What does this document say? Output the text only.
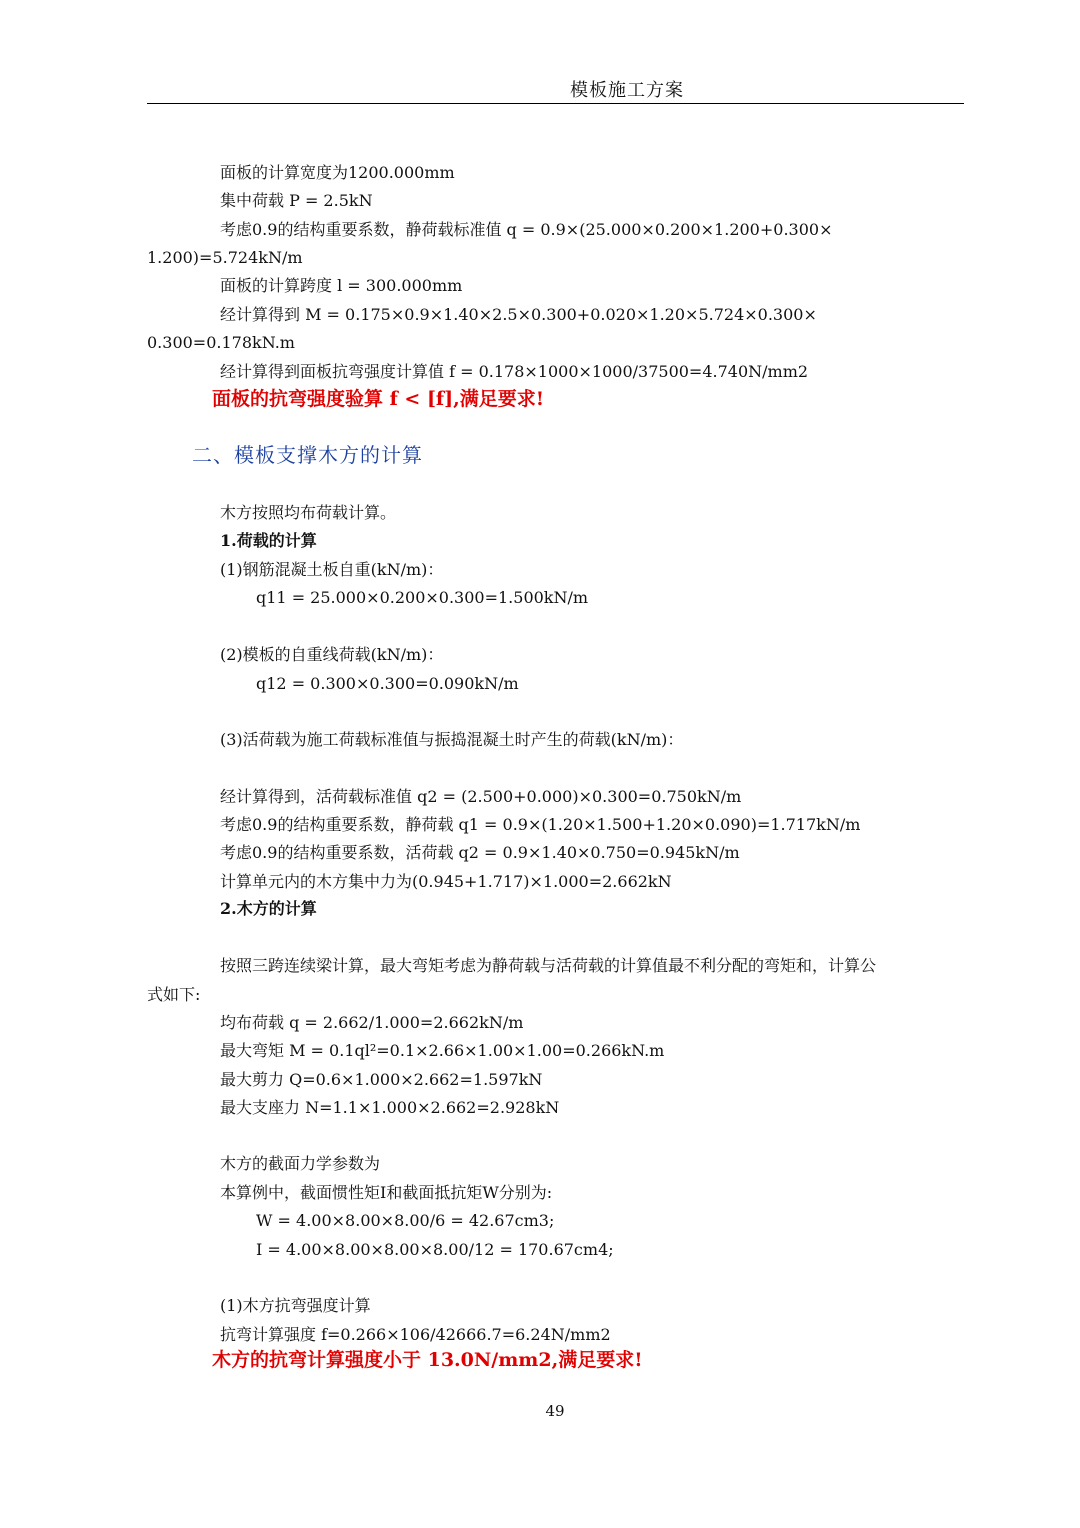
模板施工方案
面板的计算宽度为1200.000mm
集中荷载 P = 2.5kN
考虑0.9的结构重要系数，静荷载标准值 q = 0.9×(25.000×0.200×1.200+0.300×
1.200)=5.724kN/m
面板的计算跨度 l = 300.000mm
经计算得到 M = 0.175×0.9×1.40×2.5×0.300+0.020×1.20×5.724×0.300×
0.300=0.178kN.m
经计算得到面板抗弯强度计算值 f = 0.178×1000×1000/37500=4.740N/mm2
面板的抗弯强度验算 f < [f],满足要求!
二、模板支撑木方的计算
木方按照均布荷载计算。
1.荷载的计算
(1)钢筋混凝土板自重(kN/m)：
q11 = 25.000×0.200×0.300=1.500kN/m
(2)模板的自重线荷载(kN/m)：
q12 = 0.300×0.300=0.090kN/m
(3)活荷载为施工荷载标准值与振捣混凝土时产生的荷载(kN/m)：
经计算得到，活荷载标准值 q2 = (2.500+0.000)×0.300=0.750kN/m
考虑0.9的结构重要系数，静荷载 q1 = 0.9×(1.20×1.500+1.20×0.090)=1.717kN/m
考虑0.9的结构重要系数，活荷载 q2 = 0.9×1.40×0.750=0.945kN/m
计算单元内的木方集中力为(0.945+1.717)×1.000=2.662kN
2.木方的计算
按照三跨连续梁计算，最大弯矩考虑为静荷载与活荷载的计算值最不利分配的弯矩和，计算公
式如下:
均布荷载 q = 2.662/1.000=2.662kN/m
最大弯矩 M = 0.1ql²=0.1×2.66×1.00×1.00=0.266kN.m
最大剪力 Q=0.6×1.000×2.662=1.597kN
最大支座力 N=1.1×1.000×2.662=2.928kN
木方的截面力学参数为
本算例中，截面惯性矩I和截面抵抗矩W分别为:
W = 4.00×8.00×8.00/6 = 42.67cm3;
I = 4.00×8.00×8.00×8.00/12 = 170.67cm4;
(1)木方抗弯强度计算
抗弯计算强度 f=0.266×106/42666.7=6.24N/mm2
木方的抗弯计算强度小于 13.0N/mm2,满足要求!
49
